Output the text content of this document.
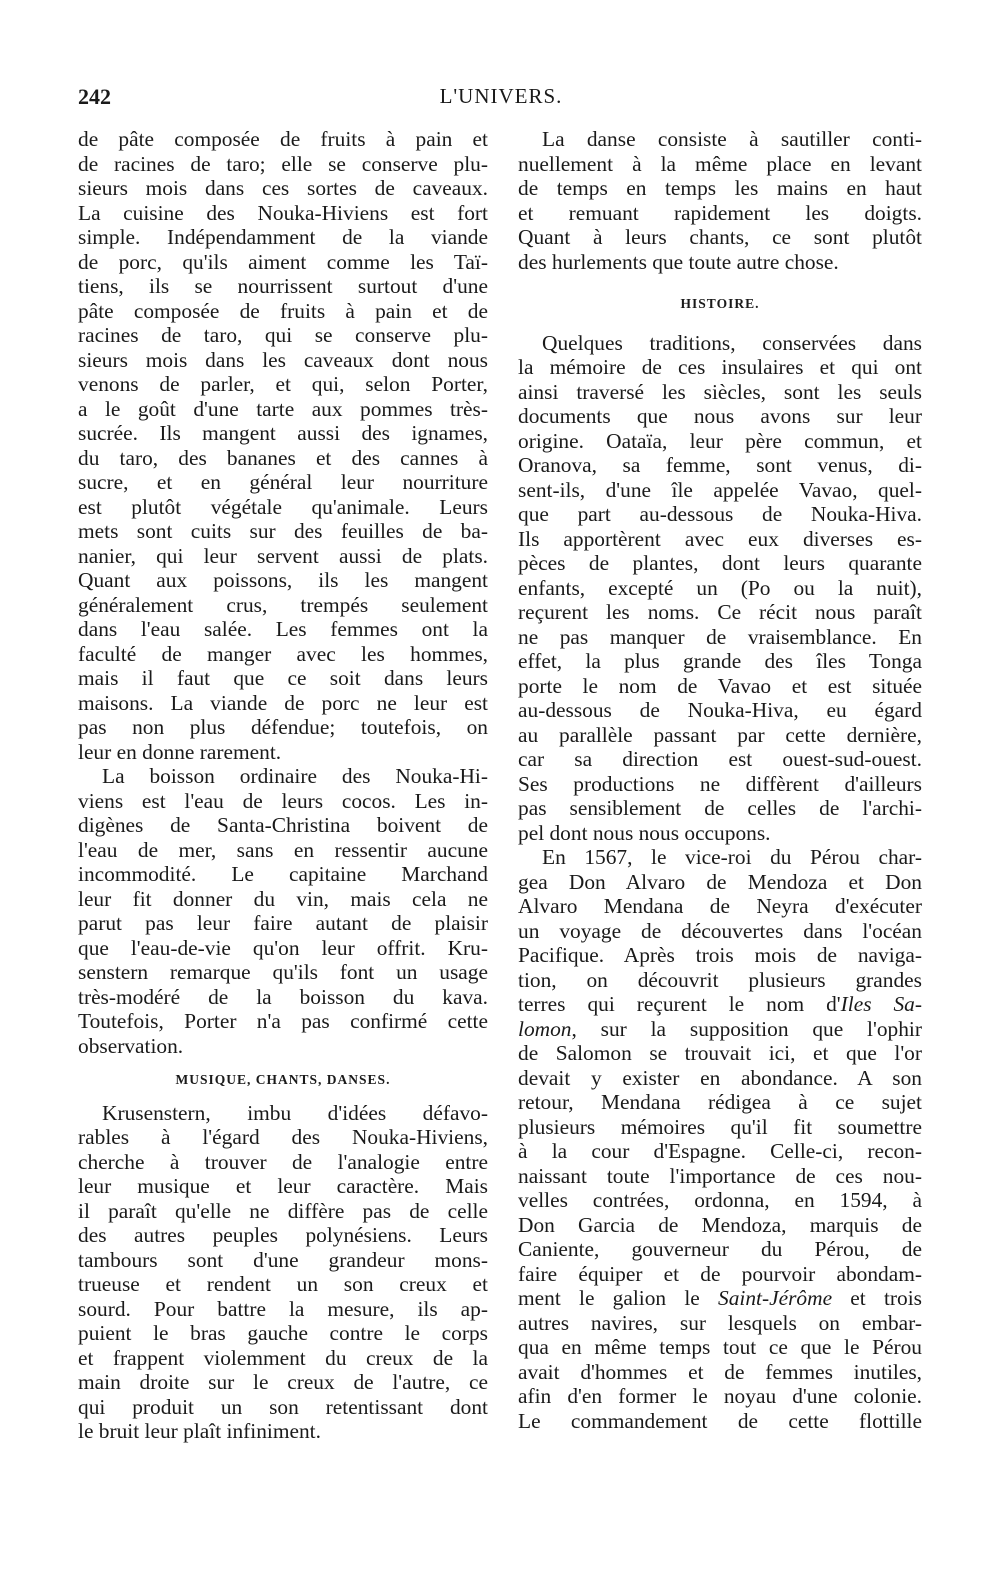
242	L'UNIVERS.
de pâte composée de fruits à pain et
de racines de taro; elle se conserve plu-
sieurs mois dans ces sortes de caveaux.
La cuisine des Nouka-Hiviens est fort
simple. Indépendamment de la viande
de porc, qu'ils aiment comme les Taï-
tiens, ils se nourrissent surtout d'une
pâte composée de fruits à pain et de
racines de taro, qui se conserve plu-
sieurs mois dans les caveaux dont nous
venons de parler, et qui, selon Porter,
a le goût d'une tarte aux pommes très-
sucrée. Ils mangent aussi des ignames,
du taro, des bananes et des cannes à
sucre, et en général leur nourriture
est plutôt végétale qu'animale. Leurs
mets sont cuits sur des feuilles de ba-
nanier, qui leur servent aussi de plats.
Quant aux poissons, ils les mangent
généralement crus, trempés seulement
dans l'eau salée. Les femmes ont la
faculté de manger avec les hommes,
mais il faut que ce soit dans leurs
maisons. La viande de porc ne leur est
pas non plus défendue; toutefois, on
leur en donne rarement.
La boisson ordinaire des Nouka-Hi-
viens est l'eau de leurs cocos. Les in-
digènes de Santa-Christina boivent de
l'eau de mer, sans en ressentir aucune
incommodité. Le capitaine Marchand
leur fit donner du vin, mais cela ne
parut pas leur faire autant de plaisir
que l'eau-de-vie qu'on leur offrit. Kru-
senstern remarque qu'ils font un usage
très-modéré de la boisson du kava.
Toutefois, Porter n'a pas confirmé cette
observation.
MUSIQUE, CHANTS, DANSES.
Krusenstern, imbu d'idées défavo-
rables à l'égard des Nouka-Hiviens,
cherche à trouver de l'analogie entre
leur musique et leur caractère. Mais
il paraît qu'elle ne diffère pas de celle
des autres peuples polynésiens. Leurs
tambours sont d'une grandeur mons-
trueuse et rendent un son creux et
sourd. Pour battre la mesure, ils ap-
puient le bras gauche contre le corps
et frappent violemment du creux de la
main droite sur le creux de l'autre, ce
qui produit un son retentissant dont
le bruit leur plaît infiniment.
La danse consiste à sautiller conti-
nuellement à la même place en levant
de temps en temps les mains en haut
et remuant rapidement les doigts.
Quant à leurs chants, ce sont plutôt
des hurlements que toute autre chose.
HISTOIRE.
Quelques traditions, conservées dans
la mémoire de ces insulaires et qui ont
ainsi traversé les siècles, sont les seuls
documents que nous avons sur leur
origine. Oataïa, leur père commun, et
Oranova, sa femme, sont venus, di-
sent-ils, d'une île appelée Vavao, quel-
que part au-dessous de Nouka-Hiva.
Ils apportèrent avec eux diverses es-
pèces de plantes, dont leurs quarante
enfants, excepté un (Po ou la nuit),
reçurent les noms. Ce récit nous paraît
ne pas manquer de vraisemblance. En
effet, la plus grande des îles Tonga
porte le nom de Vavao et est située
au-dessous de Nouka-Hiva, eu égard
au parallèle passant par cette dernière,
car sa direction est ouest-sud-ouest.
Ses productions ne diffèrent d'ailleurs
pas sensiblement de celles de l'archi-
pel dont nous nous occupons.
En 1567, le vice-roi du Pérou char-
gea Don Alvaro de Mendoza et Don
Alvaro Mendana de Neyra d'exécuter
un voyage de découvertes dans l'océan
Pacifique. Après trois mois de naviga-
tion, on découvrit plusieurs grandes
terres qui reçurent le nom d'Iles Sa-
lomon, sur la supposition que l'ophir
de Salomon se trouvait ici, et que l'or
devait y exister en abondance. A son
retour, Mendana rédigea à ce sujet
plusieurs mémoires qu'il fit soumettre
à la cour d'Espagne. Celle-ci, recon-
naissant toute l'importance de ces nou-
velles contrées, ordonna, en 1594, à
Don Garcia de Mendoza, marquis de
Caniente, gouverneur du Pérou, de
faire équiper et de pourvoir abondam-
ment le galion le Saint-Jérôme et trois
autres navires, sur lesquels on embar-
qua en même temps tout ce que le Pérou
avait d'hommes et de femmes inutiles,
afin d'en former le noyau d'une colonie.
Le commandement de cette flottille
